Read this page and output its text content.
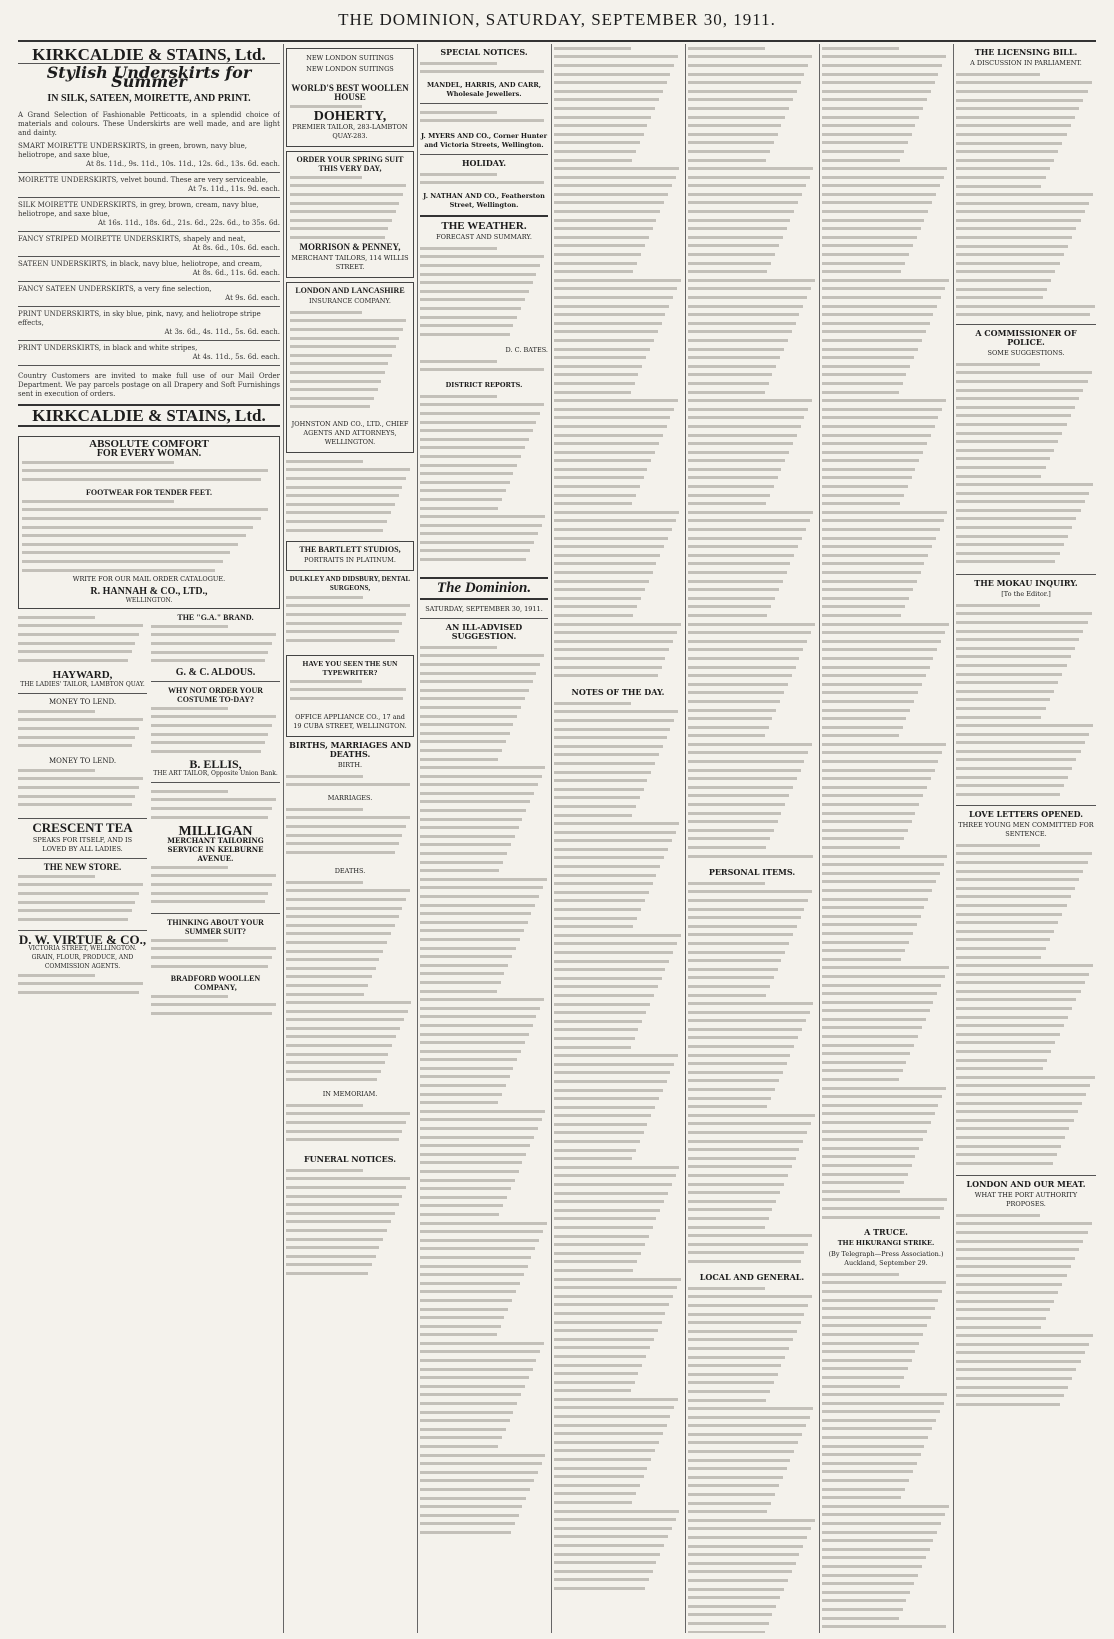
THE DOMINION, SATURDAY, SEPTEMBER 30, 1911.
KIRKCALDIE & STAINS, Ltd.
Stylish Underskirts for Summer
IN SILK, SATEEN, MOIRETTE, AND PRINT.
A Grand Selection of Fashionable Petticoats, in a splendid choice of materials and colours. These Underskirts are well made, and are light and dainty.
SMART MOIRETTE UNDERSKIRTS, in green, brown, navy blue, heliotrope, and saxe blue,
At 8s. 11d., 9s. 11d., 10s. 11d., 12s. 6d., 13s. 6d. each.
MOIRETTE UNDERSKIRTS, velvet bound. These are very serviceable,
At 7s. 11d., 11s. 9d. each.
SILK MOIRETTE UNDERSKIRTS, in grey, brown, cream, navy blue, heliotrope, and saxe blue,
At 16s. 11d., 18s. 6d., 21s. 6d., 22s. 6d., to 35s. 6d.
FANCY STRIPED MOIRETTE UNDERSKIRTS, shapely and neat,
At 8s. 6d., 10s. 6d. each.
SATEEN UNDERSKIRTS, in black, navy blue, heliotrope, and cream,
At 8s. 6d., 11s. 6d. each.
FANCY SATEEN UNDERSKIRTS, a very fine selection,
At 9s. 6d. each.
PRINT UNDERSKIRTS, in sky blue, pink, navy, and heliotrope stripe effects,
At 3s. 6d., 4s. 11d., 5s. 6d. each.
PRINT UNDERSKIRTS, in black and white stripes,
At 4s. 11d., 5s. 6d. each.
Country Customers are invited to make full use of our Mail Order Department. We pay parcels postage on all Drapery and Soft Furnishings sent in execution of orders.
KIRKCALDIE & STAINS, Ltd.
ABSOLUTE COMFORT
FOR EVERY WOMAN.
FOOTWEAR FOR TENDER FEET.
WRITE FOR OUR MAIL ORDER CATALOGUE.
R. HANNAH & CO., LTD.,
WELLINGTON.
HAYWARD,
THE LADIES' TAILOR, LAMBTON QUAY.
MONEY TO LEND.
MONEY TO LEND.
CRESCENT TEA
SPEAKS FOR ITSELF, AND IS LOVED BY ALL LADIES.
THE NEW STORE.
D. W. VIRTUE & CO.,
VICTORIA STREET, WELLINGTON. GRAIN, FLOUR, PRODUCE, AND COMMISSION AGENTS.
THE "G.A." BRAND.
G. & C. ALDOUS.
WHY NOT ORDER YOUR COSTUME TO-DAY?
B. ELLIS,
THE ART TAILOR, Opposite Union Bank.
MILLIGAN
MERCHANT TAILORING SERVICE IN KELBURNE AVENUE.
THINKING ABOUT YOUR SUMMER SUIT?
BRADFORD WOOLLEN COMPANY,
NEW LONDON SUITINGS
NEW LONDON SUITINGS
WORLD'S BEST WOOLLEN HOUSE
DOHERTY,
PREMIER TAILOR, 283-LAMBTON QUAY-283.
ORDER YOUR SPRING SUIT THIS VERY DAY,
MORRISON & PENNEY,
MERCHANT TAILORS, 114 WILLIS STREET.
LONDON AND LANCASHIRE
INSURANCE COMPANY.
JOHNSTON AND CO., LTD., CHIEF AGENTS AND ATTORNEYS, WELLINGTON.
THE BARTLETT STUDIOS,
PORTRAITS IN PLATINUM.
DULKLEY AND DIDSBURY, DENTAL SURGEONS,
HAVE YOU SEEN THE SUN TYPEWRITER?
OFFICE APPLIANCE CO., 17 and 19 CUBA STREET, WELLINGTON.
BIRTHS, MARRIAGES AND DEATHS.
BIRTH.
MARRIAGES.
DEATHS.
IN MEMORIAM.
FUNERAL NOTICES.
SPECIAL NOTICES.
MANDEL, HARRIS, AND CARR, Wholesale Jewellers.
J. MYERS AND CO., Corner Hunter and Victoria Streets, Wellington.
HOLIDAY.
J. NATHAN AND CO., Featherston Street, Wellington.
THE WEATHER.
FORECAST AND SUMMARY.
D. C. BATES.
DISTRICT REPORTS.
The Dominion.
SATURDAY, SEPTEMBER 30, 1911.
AN ILL-ADVISED SUGGESTION.
NOTES OF THE DAY.
PERSONAL ITEMS.
LOCAL AND GENERAL.
A TRUCE.
THE HIKURANGI STRIKE.
(By Telegraph—Press Association.) Auckland, September 29.
THE LICENSING BILL.
A DISCUSSION IN PARLIAMENT.
A COMMISSIONER OF POLICE.
SOME SUGGESTIONS.
THE MOKAU INQUIRY.
[To the Editor.]
LOVE LETTERS OPENED.
THREE YOUNG MEN COMMITTED FOR SENTENCE.
LONDON AND OUR MEAT.
WHAT THE PORT AUTHORITY PROPOSES.
